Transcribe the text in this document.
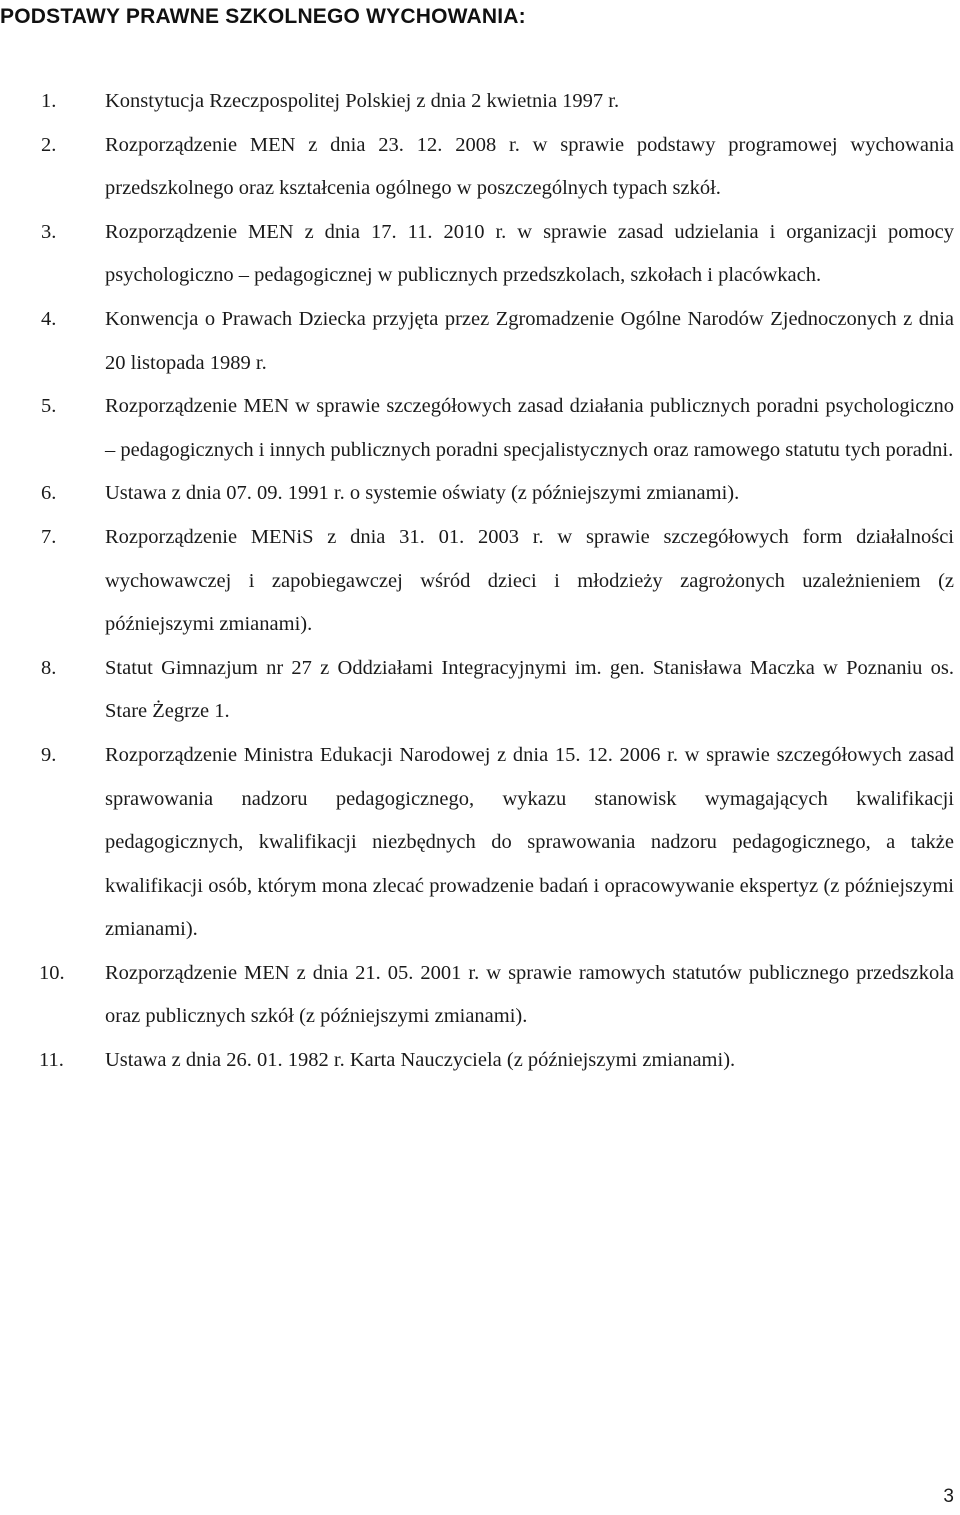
PODSTAWY PRAWNE SZKOLNEGO WYCHOWANIA:
1. Konstytucja Rzeczpospolitej Polskiej z dnia 2 kwietnia 1997 r.
2. Rozporządzenie MEN z dnia 23. 12. 2008 r. w sprawie podstawy programowej wychowania przedszkolnego oraz kształcenia ogólnego w poszczególnych typach szkół.
3. Rozporządzenie MEN z dnia 17. 11. 2010 r. w sprawie zasad udzielania i organizacji pomocy psychologiczno – pedagogicznej w publicznych przedszkolach, szkołach i placówkach.
4. Konwencja o Prawach Dziecka przyjęta przez Zgromadzenie Ogólne Narodów Zjednoczonych z dnia 20 listopada 1989 r.
5. Rozporządzenie MEN w sprawie szczegółowych zasad działania publicznych poradni psychologiczno – pedagogicznych i innych publicznych poradni specjalistycznych oraz ramowego statutu tych poradni.
6. Ustawa z dnia 07. 09. 1991 r. o systemie oświaty (z późniejszymi zmianami).
7. Rozporządzenie MENiS z dnia 31. 01. 2003 r. w sprawie szczegółowych form działalności wychowawczej i zapobiegawczej wśród dzieci i młodzieży zagrożonych uzależnieniem (z późniejszymi zmianami).
8. Statut Gimnazjum nr 27 z Oddziałami Integracyjnymi im. gen. Stanisława Maczka w Poznaniu os. Stare Żegrze 1.
9. Rozporządzenie Ministra Edukacji Narodowej z dnia 15. 12. 2006 r. w sprawie szczegółowych zasad sprawowania nadzoru pedagogicznego, wykazu stanowisk wymagających kwalifikacji pedagogicznych, kwalifikacji niezbędnych do sprawowania nadzoru pedagogicznego, a także kwalifikacji osób, którym mona zlecać prowadzenie badań i opracowywanie ekspertyz (z późniejszymi zmianami).
10. Rozporządzenie MEN z dnia 21. 05. 2001 r. w sprawie ramowych statutów publicznego przedszkola oraz publicznych szkół (z późniejszymi zmianami).
11. Ustawa z dnia 26. 01. 1982 r. Karta Nauczyciela (z późniejszymi zmianami).
3
